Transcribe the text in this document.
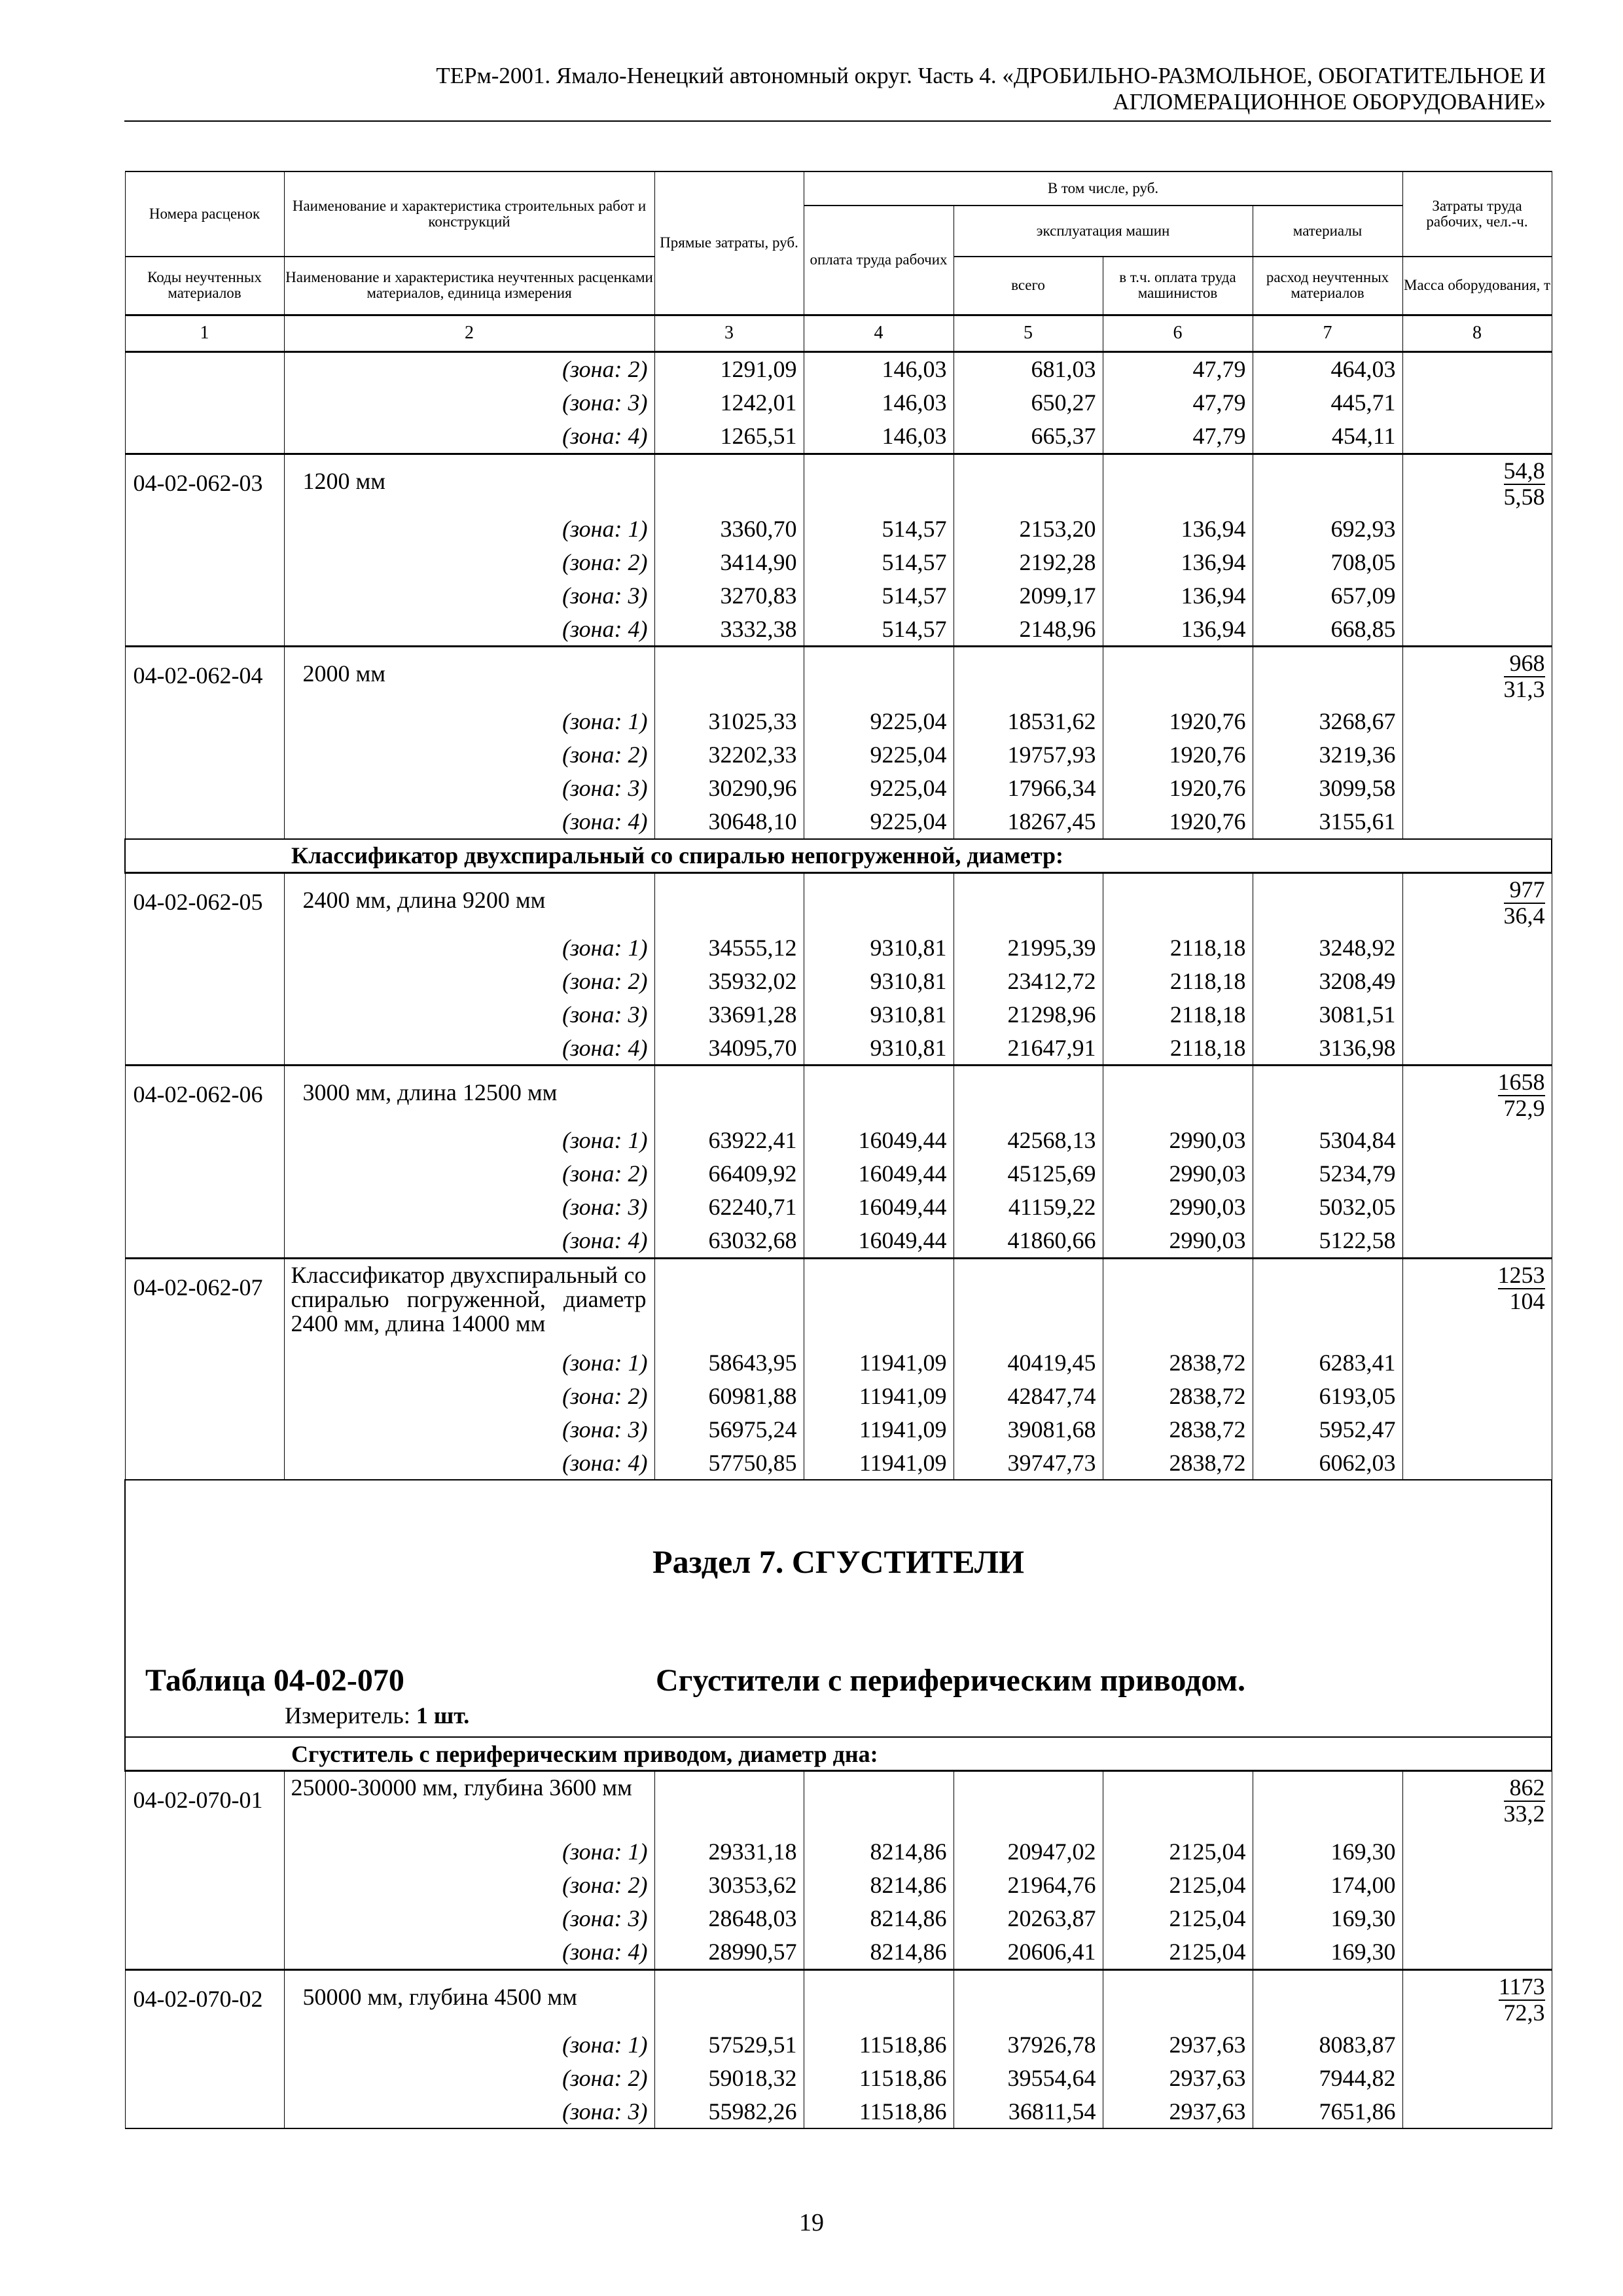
ТЕРм-2001. Ямало-Ненецкий автономный округ. Часть 4. «ДРОБИЛЬНО-РАЗМОЛЬНОЕ, ОБОГАТИТЕЛЬНОЕ И
АГЛОМЕРАЦИОННОЕ ОБОРУДОВАНИЕ»
Номера расценок	Наименование и характеристика строительных работ и конструкций	Прямые затраты, руб.	В том числе, руб.				Затраты труда рабочих, чел.-ч.
			оплата труда рабочих	эксплуатация машин		материалы	
Коды неучтенных материалов	Наименование и характеристика неучтенных расценками материалов, единица измерения			всего	в т.ч. оплата труда машинистов	расход неучтенных материалов	Масса оборудования, т
1	2	3	4	5	6	7	8
	(зона: 2)	1291,09	146,03	681,03	47,79	464,03	
	(зона: 3)	1242,01	146,03	650,27	47,79	445,71	
	(зона: 4)	1265,51	146,03	665,37	47,79	454,11	
04-02-062-03	1200 мм						$\frac{54,8}{5,58}$

	(зона: 1)	3360,70	514,57	2153,20	136,94	692,93	
	(зона: 2)	3414,90	514,57	2192,28	136,94	708,05	
	(зона: 3)	3270,83	514,57	2099,17	136,94	657,09	
	(зона: 4)	3332,38	514,57	2148,96	136,94	668,85	
04-02-062-04	2000 мм						$\frac{968}{31,3}$

	(зона: 1)	31025,33	9225,04	18531,62	1920,76	3268,67	
	(зона: 2)	32202,33	9225,04	19757,93	1920,76	3219,36	
	(зона: 3)	30290,96	9225,04	17966,34	1920,76	3099,58	
	(зона: 4)	30648,10	9225,04	18267,45	1920,76	3155,61	
Классификатор двухспиральный со спиралью непогруженной, диаметр:							
04-02-062-05	2400 мм, длина 9200 мм						$\frac{977}{36,4}$

	(зона: 1)	34555,12	9310,81	21995,39	2118,18	3248,92	
	(зона: 2)	35932,02	9310,81	23412,72	2118,18	3208,49	
	(зона: 3)	33691,28	9310,81	21298,96	2118,18	3081,51	
	(зона: 4)	34095,70	9310,81	21647,91	2118,18	3136,98	
04-02-062-06	3000 мм, длина 12500 мм						$\frac{1658}{72,9}$

	(зона: 1)	63922,41	16049,44	42568,13	2990,03	5304,84	
	(зона: 2)	66409,92	16049,44	45125,69	2990,03	5234,79	
	(зона: 3)	62240,71	16049,44	41159,22	2990,03	5032,05	
	(зона: 4)	63032,68	16049,44	41860,66	2990,03	5122,58	
04-02-062-07	Классификатор двухспиральный со спиралью погруженной, диаметр 2400 мм, длина 14000 мм						$\frac{1253}{104}$

	(зона: 1)	58643,95	11941,09	40419,45	2838,72	6283,41	
	(зона: 2)	60981,88	11941,09	42847,74	2838,72	6193,05	
	(зона: 3)	56975,24	11941,09	39081,68	2838,72	5952,47	
	(зона: 4)	57750,85	11941,09	39747,73	2838,72	6062,03	

Раздел 7. СГУСТИТЕЛИ
Таблица 04-02-070 Сгустители с периферическим приводом.
Измеритель: 1 шт.							

Сгуститель с периферическим приводом, диаметр дна:							
04-02-070-01	25000-30000 мм, глубина 3600 мм						$\frac{862}{33,2}$

	(зона: 1)	29331,18	8214,86	20947,02	2125,04	169,30	
	(зона: 2)	30353,62	8214,86	21964,76	2125,04	174,00	
	(зона: 3)	28648,03	8214,86	20263,87	2125,04	169,30	
	(зона: 4)	28990,57	8214,86	20606,41	2125,04	169,30	
04-02-070-02	50000 мм, глубина 4500 мм						$\frac{1173}{72,3}$

	(зона: 1)	57529,51	11518,86	37926,78	2937,63	8083,87	
	(зона: 2)	59018,32	11518,86	39554,64	2937,63	7944,82	
	(зона: 3)	55982,26	11518,86	36811,54	2937,63	7651,86	
19
